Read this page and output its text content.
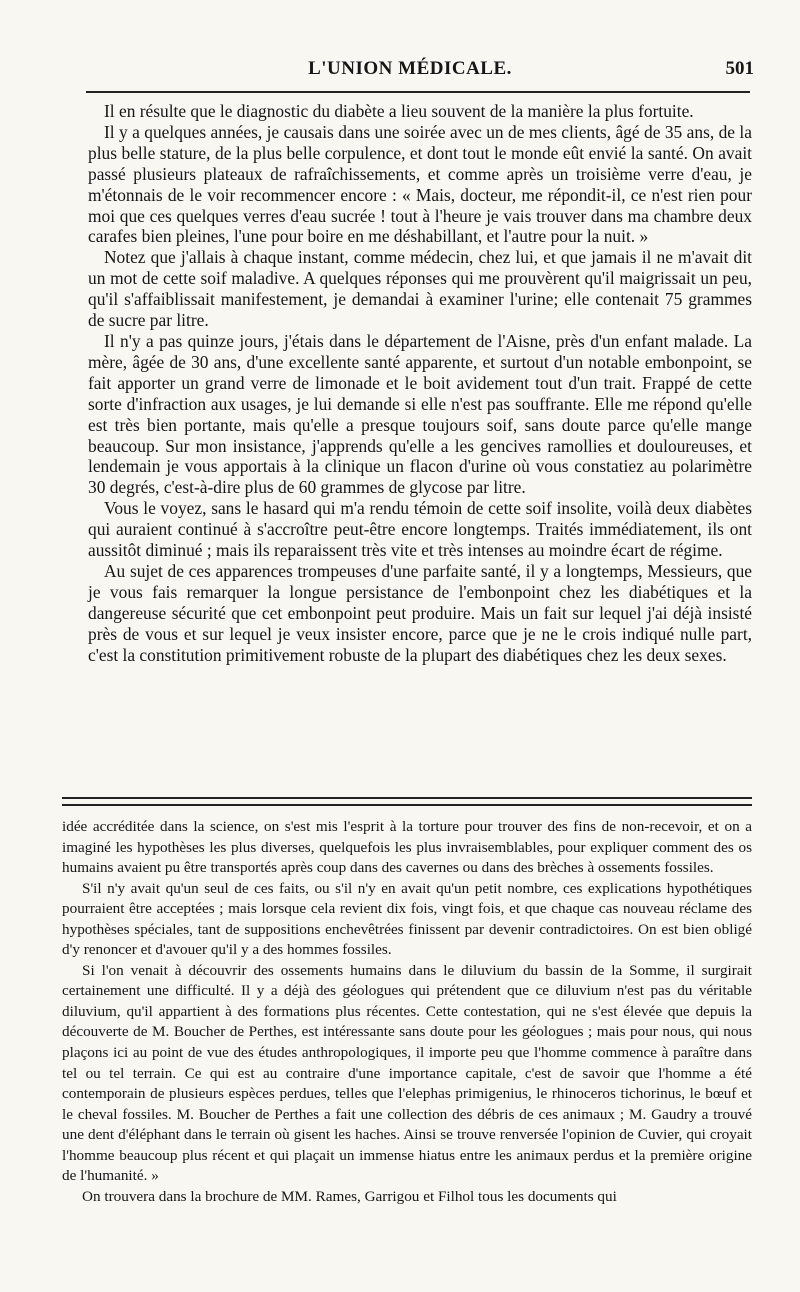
L'UNION MÉDICALE.	501

Il en résulte que le diagnostic du diabète a lieu souvent de la manière la plus fortuite.

Il y a quelques années, je causais dans une soirée avec un de mes clients, âgé de 35 ans, de la plus belle stature, de la plus belle corpulence, et dont tout le monde eût envié la santé. On avait passé plusieurs plateaux de rafraîchissements, et comme après un troisième verre d'eau, je m'étonnais de le voir recommencer encore : « Mais, docteur, me répondit-il, ce n'est rien pour moi que ces quelques verres d'eau sucrée ! tout à l'heure je vais trouver dans ma chambre deux carafes bien pleines, l'une pour boire en me déshabillant, et l'autre pour la nuit. »

Notez que j'allais à chaque instant, comme médecin, chez lui, et que jamais il ne m'avait dit un mot de cette soif maladive. A quelques réponses qui me prouvèrent qu'il maigrissait un peu, qu'il s'affaiblissait manifestement, je demandai à examiner l'urine; elle contenait 75 grammes de sucre par litre.

Il n'y a pas quinze jours, j'étais dans le département de l'Aisne, près d'un enfant malade. La mère, âgée de 30 ans, d'une excellente santé apparente, et surtout d'un notable embonpoint, se fait apporter un grand verre de limonade et le boit avidement tout d'un trait. Frappé de cette sorte d'infraction aux usages, je lui demande si elle n'est pas souffrante. Elle me répond qu'elle est très bien portante, mais qu'elle a presque toujours soif, sans doute parce qu'elle mange beaucoup. Sur mon insistance, j'apprends qu'elle a les gencives ramollies et douloureuses, et lendemain je vous apportais à la clinique un flacon d'urine où vous constatiez au polarimètre 30 degrés, c'est-à-dire plus de 60 grammes de glycose par litre.

Vous le voyez, sans le hasard qui m'a rendu témoin de cette soif insolite, voilà deux diabètes qui auraient continué à s'accroître peut-être encore longtemps. Traités immédiatement, ils ont aussitôt diminué ; mais ils reparaissent très vite et très intenses au moindre écart de régime.

Au sujet de ces apparences trompeuses d'une parfaite santé, il y a longtemps, Messieurs, que je vous fais remarquer la longue persistance de l'embonpoint chez les diabétiques et la dangereuse sécurité que cet embonpoint peut produire. Mais un fait sur lequel j'ai déjà insisté près de vous et sur lequel je veux insister encore, parce que je ne le crois indiqué nulle part, c'est la constitution primitivement robuste de la plupart des diabétiques chez les deux sexes.

idée accréditée dans la science, on s'est mis l'esprit à la torture pour trouver des fins de non-recevoir, et on a imaginé les hypothèses les plus diverses, quelquefois les plus invraisemblables, pour expliquer comment des os humains avaient pu être transportés après coup dans des cavernes ou dans des brèches à ossements fossiles.

S'il n'y avait qu'un seul de ces faits, ou s'il n'y en avait qu'un petit nombre, ces explications hypothétiques pourraient être acceptées ; mais lorsque cela revient dix fois, vingt fois, et que chaque cas nouveau réclame des hypothèses spéciales, tant de suppositions enchevêtrées finissent par devenir contradictoires. On est bien obligé d'y renoncer et d'avouer qu'il y a des hommes fossiles.

Si l'on venait à découvrir des ossements humains dans le diluvium du bassin de la Somme, il surgirait certainement une difficulté. Il y a déjà des géologues qui prétendent que ce diluvium n'est pas du véritable diluvium, qu'il appartient à des formations plus récentes. Cette contestation, qui ne s'est élevée que depuis la découverte de M. Boucher de Perthes, est intéressante sans doute pour les géologues ; mais pour nous, qui nous plaçons ici au point de vue des études anthropologiques, il importe peu que l'homme commence à paraître dans tel ou tel terrain. Ce qui est au contraire d'une importance capitale, c'est de savoir que l'homme a été contemporain de plusieurs espèces perdues, telles que l'elephas primigenius, le rhinoceros tichorinus, le bœuf et le cheval fossiles. M. Boucher de Perthes a fait une collection des débris de ces animaux ; M. Gaudry a trouvé une dent d'éléphant dans le terrain où gisent les haches. Ainsi se trouve renversée l'opinion de Cuvier, qui croyait l'homme beaucoup plus récent et qui plaçait un immense hiatus entre les animaux perdus et la première origine de l'humanité. »

On trouvera dans la brochure de MM. Rames, Garrigou et Filhol tous les documents qui
